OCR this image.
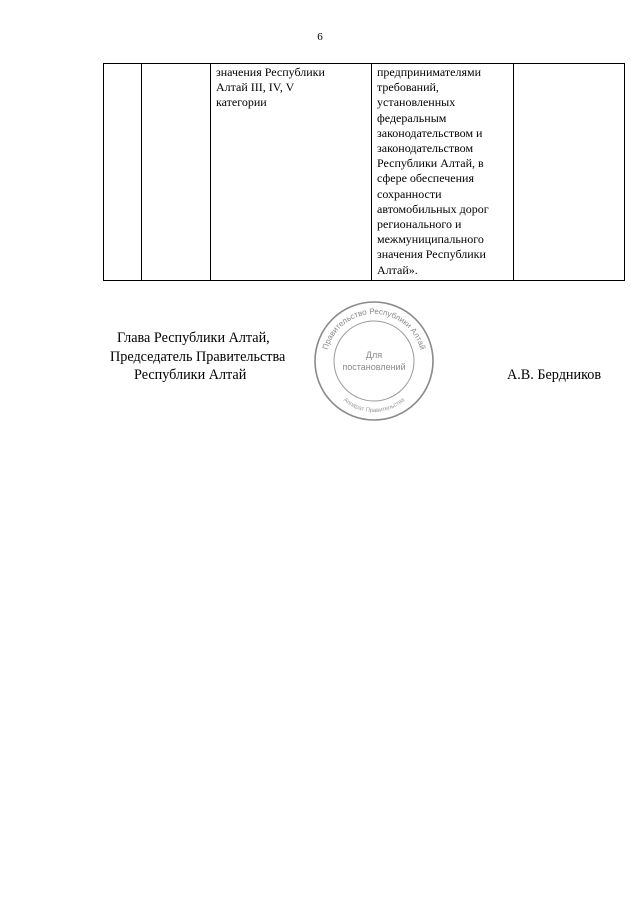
6
		значения Республики
Алтай III, IV, V
категории	предпринимателями
требований,
установленных
федеральным
законодательством и
законодательством
Республики Алтай, в
сфере обеспечения
сохранности
автомобильных дорог
регионального и
межмуниципального
значения Республики
Алтай».	
Глава Республики Алтай,
Председатель Правительства
Республики Алтай	А.В. Бердников
Правительство Республики Алтай
Аппарат Правительства
Для
постановлений
